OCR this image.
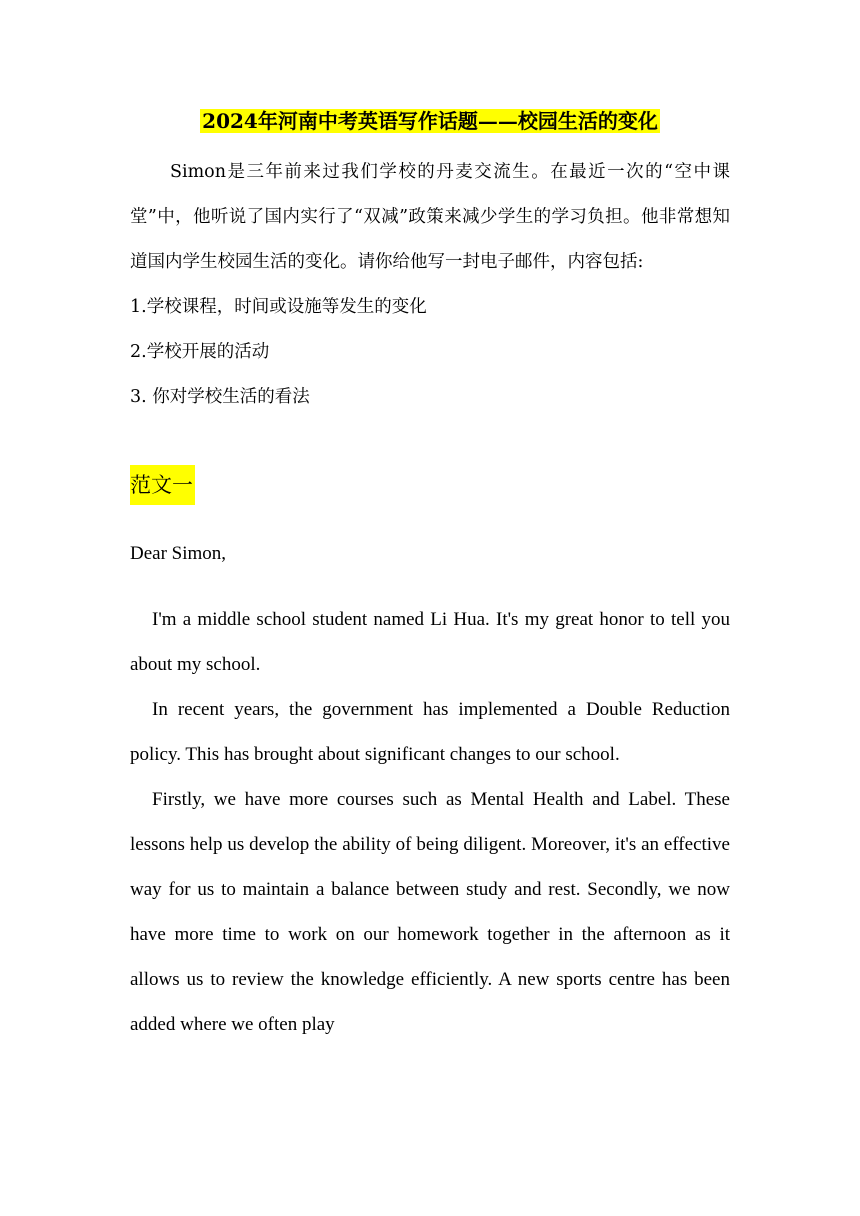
2024年河南中考英语写作话题——校园生活的变化

Simon是三年前来过我们学校的丹麦交流生。在最近一次的“空中课堂”中，他听说了国内实行了“双减”政策来减少学生的学习负担。他非常想知道国内学生校园生活的变化。请你给他写一封电子邮件，内容包括:

1.学校课程，时间或设施等发生的变化

2.学校开展的活动

3. 你对学校生活的看法

范文一

Dear Simon,

I'm a middle school student named Li Hua. It's my great honor to tell you about my school.

In recent years, the government has implemented a Double Reduction policy. This has brought about significant changes to our school.

Firstly, we have more courses such as Mental Health and Label. These lessons help us develop the ability of being diligent. Moreover, it's an effective way for us to maintain a balance between study and rest. Secondly, we now have more time to work on our homework together in the afternoon as it allows us to review the knowledge efficiently. A new sports centre has been added where we often play
